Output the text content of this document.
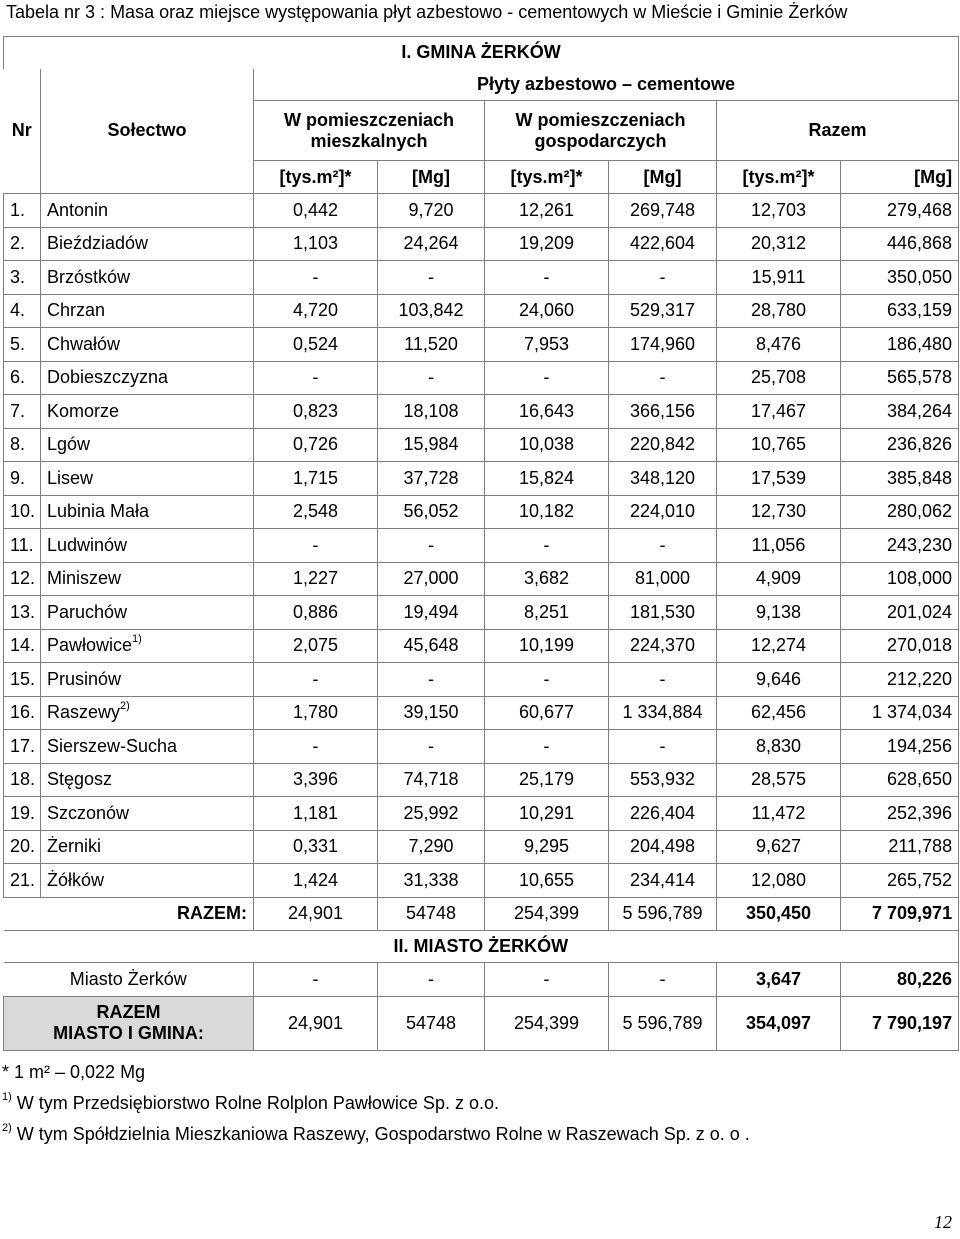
Tabela nr 3 : Masa oraz miejsce występowania płyt azbestowo - cementowych w Mieście i Gminie Żerków
I. GMINA ŻERKÓW							
Nr	Sołectwo	Płyty azbestowo – cementowe					
		W pomieszczeniach mieszkalnych		W pomieszczeniach gospodarczych		Razem	
		[tys.m²]*	[Mg]	[tys.m²]*	[Mg]	[tys.m²]*	[Mg]
1.	Antonin	0,442	9,720	12,261	269,748	12,703	279,468
2.	Bieździadów	1,103	24,264	19,209	422,604	20,312	446,868
3.	Brzóstków	-	-	-	-	15,911	350,050
4.	Chrzan	4,720	103,842	24,060	529,317	28,780	633,159
5.	Chwałów	0,524	11,520	7,953	174,960	8,476	186,480
6.	Dobieszczyzna	-	-	-	-	25,708	565,578
7.	Komorze	0,823	18,108	16,643	366,156	17,467	384,264
8.	Lgów	0,726	15,984	10,038	220,842	10,765	236,826
9.	Lisew	1,715	37,728	15,824	348,120	17,539	385,848
10.	Lubinia Mała	2,548	56,052	10,182	224,010	12,730	280,062
11.	Ludwinów	-	-	-	-	11,056	243,230
12.	Miniszew	1,227	27,000	3,682	81,000	4,909	108,000
13.	Paruchów	0,886	19,494	8,251	181,530	9,138	201,024
14.	Pawłowice$^{1)}$	2,075	45,648	10,199	224,370	12,274	270,018
15.	Prusinów	-	-	-	-	9,646	212,220
16.	Raszewy$^{2)}$	1,780	39,150	60,677	1 334,884	62,456	1 374,034
17.	Sierszew-Sucha	-	-	-	-	8,830	194,256
18.	Stęgosz	3,396	74,718	25,179	553,932	28,575	628,650
19.	Szczonów	1,181	25,992	10,291	226,404	11,472	252,396
20.	Żerniki	0,331	7,290	9,295	204,498	9,627	211,788
21.	Żółków	1,424	31,338	10,655	234,414	12,080	265,752
RAZEM:		24,901	54748	254,399	5 596,789	350,450	7 709,971
II. MIASTO ŻERKÓW							
Miasto Żerków		-	-	-	-	3,647	80,226

RAZEM
MIASTO I GMINA:		24,901	54748	254,399	5 596,789	354,097	7 790,197
* 1 m² – 0,022 Mg
$^{1)}$ W tym Przedsiębiorstwo Rolne Rolplon Pawłowice Sp. z o.o.
$^{2)}$ W tym Spółdzielnia Mieszkaniowa Raszewy, Gospodarstwo Rolne w Raszewach Sp. z o. o .
12
